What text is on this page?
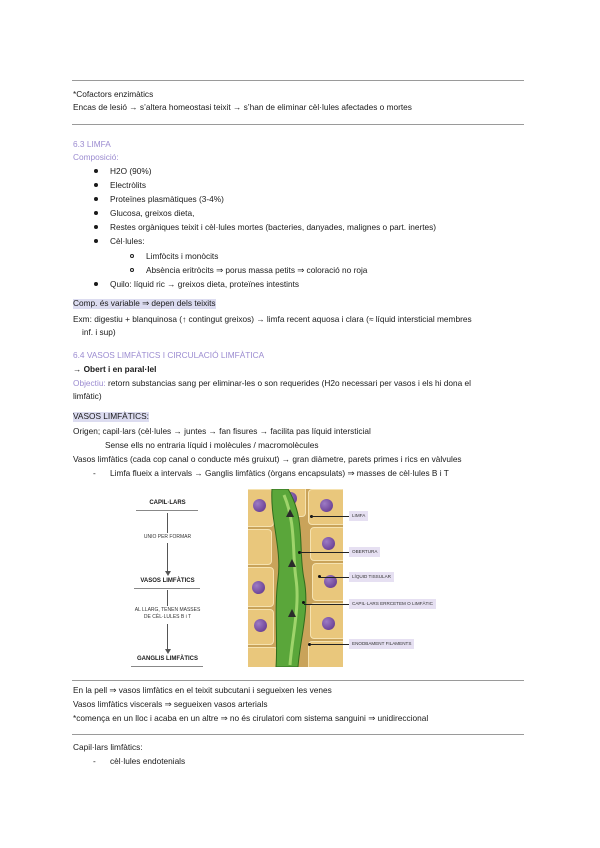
*Cofactors enzimàtics
Encas de lesió → s’altera homeostasi teixit → s’han de eliminar cèl·lules afectades o mortes
6.3 LIMFA
Composició:
H2O (90%)
Electròlits
Proteïnes plasmàtiques (3-4%)
Glucosa, greixos dieta,
Restes orgàniques teixit i cèl·lules mortes (bacteries, danyades, malignes o part. inertes)
Cèl·lules:
Limfòcits i monòcits
Absència eritròcits ⇒ porus massa petits ⇒ coloració no roja
Quilo: líquid ric → greixos dieta, proteïnes intestints
Comp. és variable ⇒ depen dels teixits
Exm: digestiu + blanquinosa (↑ contingut greixos) → limfa recent aquosa i clara (≈ líquid intersticial membres
inf. i sup)
6.4 VASOS LIMFÀTICS I CIRCULACIÓ LIMFÀTICA
→ Obert i en paral·lel
Objectiu: retorn substancias sang per eliminar-les o son requerides (H2o necessari per vasos i els hi dona el
limfàtic)
VASOS LIMFÀTICS:
Origen; capil·lars (cèl·lules → juntes → fan fisures → facilita pas líquid intersticial
Sense ells no entraria líquid i molècules / macromolècules
Vasos limfàtics (cada cop canal o conducte més gruixut) → gran diàmetre, parets primes i rics en vàlvules
- Limfa flueix a intervals → Ganglis limfàtics (òrgans encapsulats) ⇒ masses de cèl·lules B i T
CAPIL·LARS
UNIO PER FORMAR
VASOS LIMFÀTICS
AL LLARG, TENEN MASSES
DE CÈL·LULES B i T
GANGLIS LIMFÀTICS
LIMFA
OBERTURA
LÍQUID TISSULAR
CAPIL·LARS ERRCETEM O LIMFÀTIC
ENODBAMENT FILAMENTS
En la pell ⇒ vasos limfàtics en el teixit subcutani i segueixen les venes
Vasos limfàtics viscerals ⇒ segueixen vasos arterials
*comença en un lloc i acaba en un altre ⇒ no és cirulatori com sistema sanguini ⇒ unidireccional
Capil·lars limfàtics:
- cèl·lules endotenials
